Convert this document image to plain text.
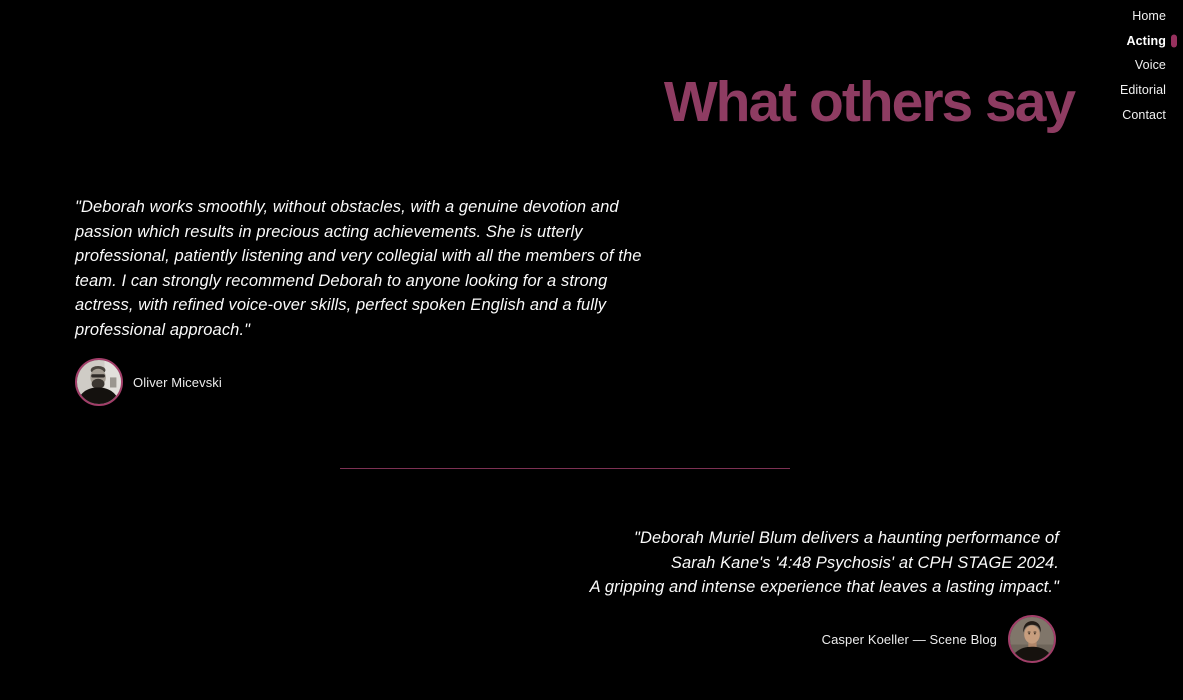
Home
Acting
Voice
Editorial
Contact
What others say
"Deborah works smoothly, without obstacles, with a genuine devotion and
passion which results in precious acting achievements. She is utterly
professional, patiently listening and very collegial with all the members of the
team. I can strongly recommend Deborah to anyone looking for a strong
actress, with refined voice-over skills, perfect spoken English and a fully
professional approach."
Oliver Micevski
"Deborah Muriel Blum delivers a haunting performance of
Sarah Kane's '4:48 Psychosis' at CPH STAGE 2024.
A gripping and intense experience that leaves a lasting impact."
Casper Koeller — Scene Blog
